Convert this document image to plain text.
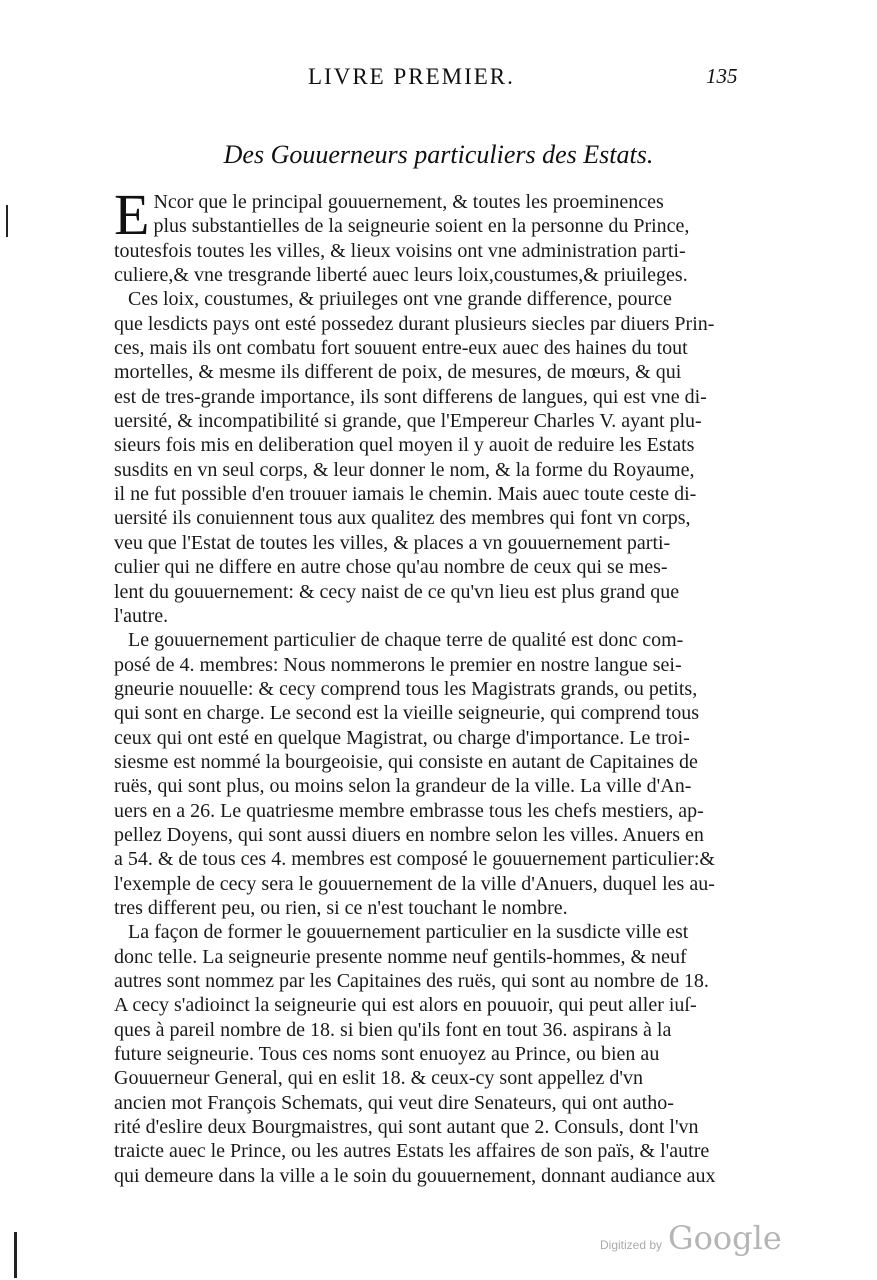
LIVRE PREMIER.	135
Des Gouuerneurs particuliers des Estats.

E Ncor que le principal gouuernement, & toutes les proeminences
plus substantielles de la seigneurie soient en la personne du Prince,
toutesfois toutes les villes, & lieux voisins ont vne administration parti-
culiere,& vne tresgrande liberté auec leurs loix,coustumes,& priuileges.

Ces loix, coustumes, & priuileges ont vne grande difference, pource
que lesdicts pays ont esté possedez durant plusieurs siecles par diuers Prin-
ces, mais ils ont combatu fort souuent entre-eux auec des haines du tout
mortelles, & mesme ils different de poix, de mesures, de mœurs, & qui
est de tres-grande importance, ils sont differens de langues, qui est vne di-
uersité, & incompatibilité si grande, que l'Empereur Charles V. ayant plu-
sieurs fois mis en deliberation quel moyen il y auoit de reduire les Estats
susdits en vn seul corps, & leur donner le nom, & la forme du Royaume,
il ne fut possible d'en trouuer iamais le chemin. Mais auec toute ceste di-
uersité ils conuiennent tous aux qualitez des membres qui font vn corps,
veu que l'Estat de toutes les villes, & places a vn gouuernement parti-
culier qui ne differe en autre chose qu'au nombre de ceux qui se mes-
lent du gouuernement: & cecy naist de ce qu'vn lieu est plus grand que
l'autre.

Le gouuernement particulier de chaque terre de qualité est donc com-
posé de 4. membres: Nous nommerons le premier en nostre langue sei-
gneurie nouuelle: & cecy comprend tous les Magistrats grands, ou petits,
qui sont en charge. Le second est la vieille seigneurie, qui comprend tous
ceux qui ont esté en quelque Magistrat, ou charge d'importance. Le troi-
siesme est nommé la bourgeoisie, qui consiste en autant de Capitaines de
ruës, qui sont plus, ou moins selon la grandeur de la ville. La ville d'An-
uers en a 26. Le quatriesme membre embrasse tous les chefs mestiers, ap-
pellez Doyens, qui sont aussi diuers en nombre selon les villes. Anuers en
a 54. & de tous ces 4. membres est composé le gouuernement particulier:&
l'exemple de cecy sera le gouuernement de la ville d'Anuers, duquel les au-
tres different peu, ou rien, si ce n'est touchant le nombre.

La façon de former le gouuernement particulier en la susdicte ville est
donc telle. La seigneurie presente nomme neuf gentils-hommes, & neuf
autres sont nommez par les Capitaines des ruës, qui sont au nombre de 18.
A cecy s'adioinct la seigneurie qui est alors en pouuoir, qui peut aller iuſ-
ques à pareil nombre de 18. si bien qu'ils font en tout 36. aspirans à la
future seigneurie. Tous ces noms sont enuoyez au Prince, ou bien au
Gouuerneur General, qui en eslit 18. & ceux-cy sont appellez d'vn
ancien mot François Schemats, qui veut dire Senateurs, qui ont autho-
rité d'eslire deux Bourgmaistres, qui sont autant que 2. Consuls, dont l'vn
traicte auec le Prince, ou les autres Estats les affaires de son païs, & l'autre
qui demeure dans la ville a le soin du gouuernement, donnant audiance aux

Digitized by Google
